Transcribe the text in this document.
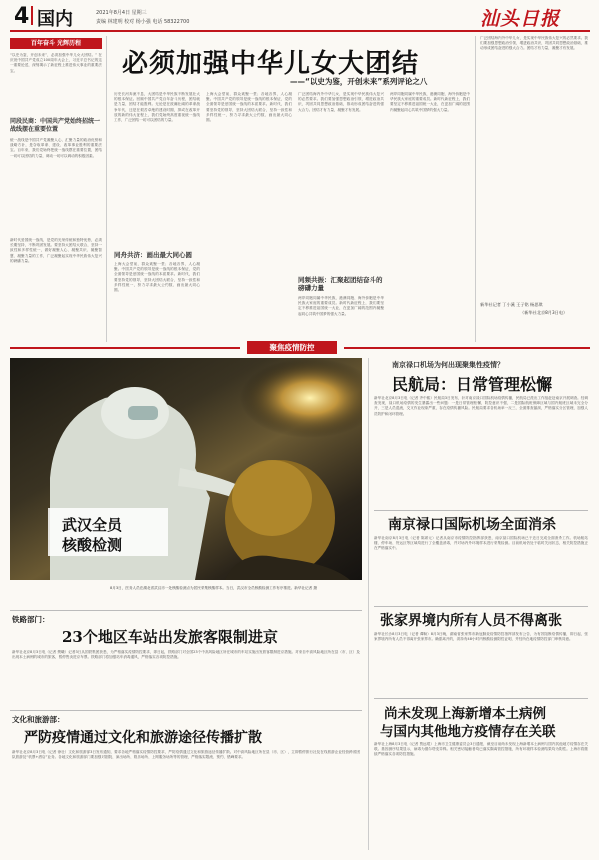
4 国内	2021年8月4日 星期三
责编 林建明 校对 杨小强 电话 58322700	汕头日报
百年奋斗 光辉历程
“以史为鉴，开创未来”，必须加强中华儿女大团结。” 在庆祝中国共产党成立100周年大会上，习近平总书记的这一重要论述，深刻揭示了新征程上推进伟大事业的重要法宝。
同段民商：中国共产党始终招统一战线摆在重要位置
统一战线是中国共产党凝聚人心、汇聚力量的政治优势和战略方针，是夺取革命、建设、改革事业胜利的重要法宝。百年来，我们党始终把统一战线摆在重要位置，团结一切可以团结的力量，调动一切可以调动的积极因素。
新时代爱国统一战线，是党的光荣传统和独特优势，必须长期坚持，不断巩固发展。要坚持大团结大联合，坚持一致性和多样性统一，做好凝聚人心、凝聚共识、凝聚智慧、凝聚力量的工作，广泛凝聚起实现中华民族伟大复兴的磅礴力量。
必须加强中华儿女大团结
——“以史为鉴，开创未来”系列评论之八
历史长河奔流不息，大团结是中华民族不断发展壮大的根本保证。回顾中国共产党百年奋斗历程，团结就是力量，团结才能胜利。无论是在波澜壮阔的革命战争年代，还是在艰苦卓绝的建设时期，抑或在改革开放的新的伟大征程上，我们党始终高度重视统一战线工作，广泛团结一切可以团结的力量。
同舟共济：画出最大同心圆
上海大会堂前，群众欢聚一堂；各地各界，人心凝聚。中国共产党的领导是统一战线的根本保证，党的全面领导是爱国统一战线的本质要求。新时代，我们要坚持党的领导，坚持大团结大联合，坚持一致性和多样性统一，努力寻求最大公约数、画出最大同心圆。
上海大会堂前，群众欢聚一堂；各地各界，人心凝聚。中国共产党的领导是统一战线的根本保证，党的全面领导是爱国统一战线的本质要求。新时代，我们要坚持党的领导，坚持大团结大联合，坚持一致性和多样性统一，努力寻求最大公约数、画出最大同心圆。
广泛团结海内外中华儿女，是实现中华民族伟大复兴的必然要求。我们要加强思想政治引领，增进政治共识，巩固共同思想政治基础，推动形成团结奋进的强大合力。团结才有力量，凝聚才有发展。
同频共振：汇聚起团结奋斗的磅礴力量
两岸同胞同属中华民族，港澳同胞、海外侨胞是中华民族大家庭的重要成员。新时代新征程上，我们要坚定不移推进祖国统一大业，在更加广阔的范围内凝聚起同心共筑中国梦的强大力量。
两岸同胞同属中华民族，港澳同胞、海外侨胞是中华民族大家庭的重要成员。新时代新征程上，我们要坚定不移推进祖国统一大业，在更加广阔的范围内凝聚起同心共筑中国梦的强大力量。
广泛团结海内外中华儿女，是实现中华民族伟大复兴的必然要求。我们要加强思想政治引领，增进政治共识，巩固共同思想政治基础，推动形成团结奋进的强大合力。团结才有力量，凝聚才有发展。
新华社记者 丁小溪 王子铭 杨思琪
（新华社北京8月3日电）
聚焦疫情防控
武汉全员
核酸检测
8月3日，医务人员在湖北省武汉市一处核酸检测点为居民采集核酸样本。当日，武汉市全员核酸检测工作有序推进。新华社记者 摄
南京禄口机场为何出现聚集性疫情？
民航局：日常管理松懈
新华社北京8月3日电（记者 齐中熙）民航局3日发布，针对南京禄口国际机场疫情传播，民航局已派出工作组赶赴南京开展调查。经调查发现，禄口机场疫情的发生暴露出一些问题：一是日常管理松懈，防控意识不强，二是国际航班保障区域与国内航班区域未完全分开，三是人员混流，交叉作业现象严重，存在疫情传播风险。民航局要求各机场举一反三，全面排查漏洞，严格落实分区管理，加强人员防护和闭环管理。
南京禄口国际机场全面消杀
新华社南京8月3日电（记者 陈席元）记者从南京市疫情防控指挥部获悉，南京禄口国际机场已于近日完成全面消杀工作。机场航站楼、停车场、货运区等区域均进行了全覆盖消毒，并对场内外环境样本进行采集检测。目前机场仍处于临时关闭状态，相关防控措施正在严格落实中。
张家界境内所有人员不得离张
新华社长沙8月3日电（记者 谭畅）8月3日晚，湖南省张家界市新冠肺炎疫情防控指挥部发布公告，为有效阻断疫情传播，即日起，张家界境内所有人员不得离开张家界市。确需离开的，须持有48小时内核酸检测阴性证明，并经所在地疫情防控部门审核同意。
尚未发现上海新增本土病例
与国内其他地方疫情存在关联
新华社上海8月3日电（记者 贾远琨）上海市卫生健康委员会3日通报，截至目前尚未发现上海新增本土病例与国内其他地方疫情存在关联。基因测序结果显示，病毒为德尔塔变异株。相关密切接触者均已落实隔离管控措施，所有环境样本检测结果均为阴性。上海市将继续严格落实各项防控措施。
铁路部门：
23个地区车站出发旅客限制进京
新华社北京8月3日电（记者 樊曦）记者3日从国铁集团获悉，为严格落实疫情防控要求，即日起，铁路部门对全国23个中高风险地区所在城市的车站实施出发旅客限制进京措施。对来自中高风险地区所在县（市、区）及出现本土病例的城市的旅客，暂停售卖进京车票。铁路部门将加强站车消毒通风，严格落实各项防控措施。
文化和旅游部：
严防疫情通过文化和旅游途径传播扩散
新华社北京8月3日电（记者 徐壮）文化和旅游部3日发布通知，要求各地严格落实疫情防控要求，严防疫情通过文化和旅游途径传播扩散。对中高风险地区所在县（市、区），立即暂停旅行社及在线旅游企业经营跨省团队旅游及“机票+酒店”业务。各地文化和旅游部门要加强对剧院、演出场所、娱乐场所、上网服务场所等的管理，严格落实限流、预约、错峰要求。
